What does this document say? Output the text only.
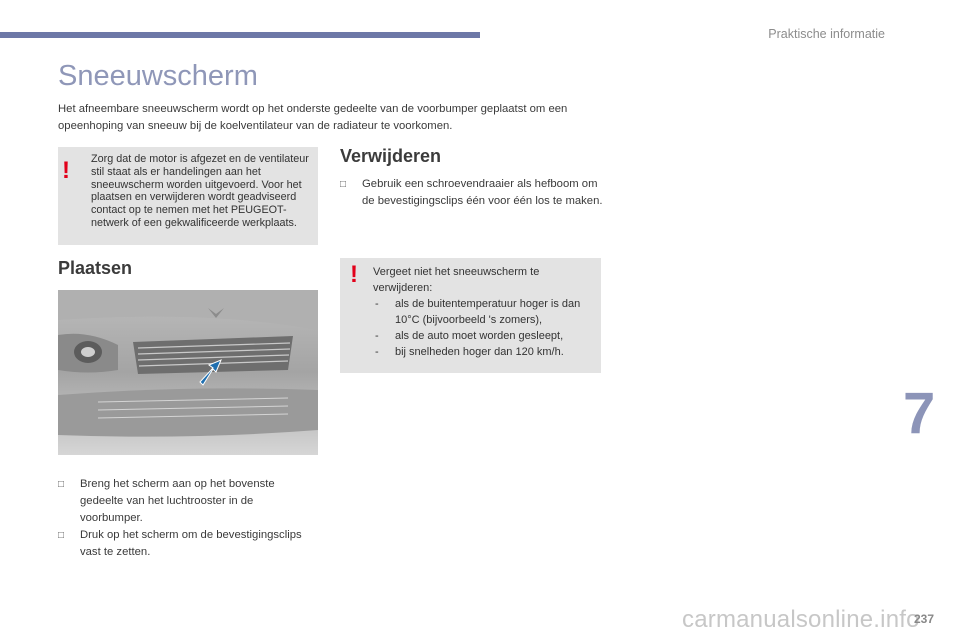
Praktische informatie
Sneeuwscherm
Het afneembare sneeuwscherm wordt op het onderste gedeelte van de voorbumper geplaatst om een opeenhoping van sneeuw bij de koelventilateur van de radiateur te voorkomen.
! Zorg dat de motor is afgezet en de ventilateur stil staat als er handelingen aan het sneeuwscherm worden uitgevoerd. Voor het plaatsen en verwijderen wordt geadviseerd contact op te nemen met het PEUGEOT-netwerk of een gekwalificeerde werkplaats.
Plaatsen
□ Breng het scherm aan op het bovenste gedeelte van het luchtrooster in de voorbumper.
□ Druk op het scherm om de bevestigingsclips vast te zetten.
Verwijderen
□ Gebruik een schroevendraaier als hefboom om de bevestigingsclips één voor één los te maken.
! Vergeet niet het sneeuwscherm te verwijderen:
- als de buitentemperatuur hoger is dan 10°C (bijvoorbeeld 's zomers),
- als de auto moet worden gesleept,
- bij snelheden hoger dan 120 km/h.
7
carmanualsonline.info
237
